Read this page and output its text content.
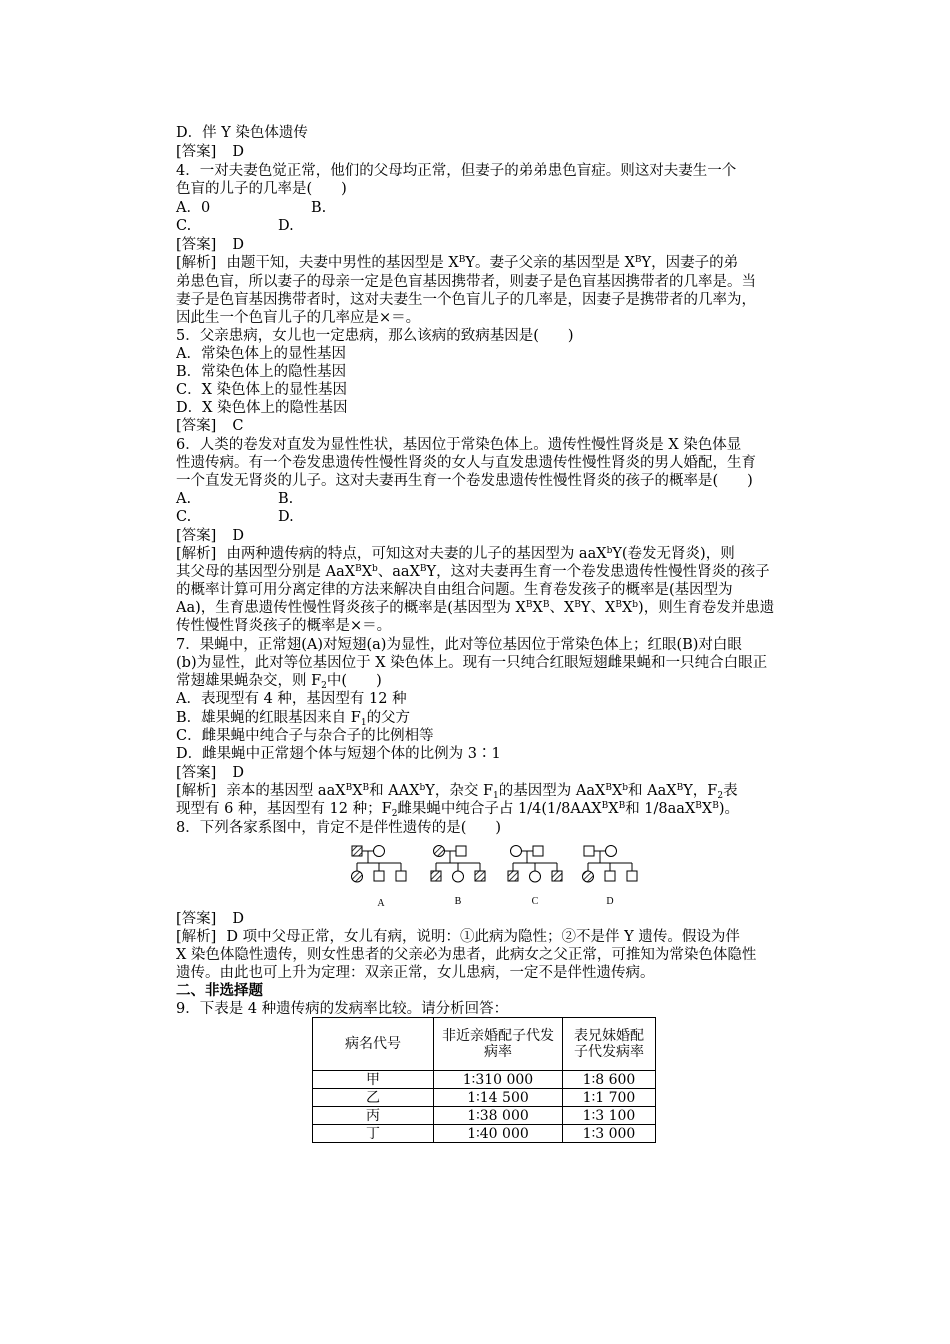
D．伴 Y 染色体遗传
[答案] D
4．一对夫妻色觉正常，他们的父母均正常，但妻子的弟弟患色盲症。则这对夫妻生一个
色盲的儿子的几率是(　　)
A．0	B.
C.	D.
[答案] D
[解析] 由题干知，夫妻中男性的基因型是 $X^BY$。妻子父亲的基因型是 $X^BY$，因妻子的弟
弟患色盲，所以妻子的母亲一定是色盲基因携带者，则妻子是色盲基因携带者的几率是。当
妻子是色盲基因携带者时，这对夫妻生一个色盲儿子的几率是，因妻子是携带者的几率为，
因此生一个色盲儿子的几率应是×＝。
5．父亲患病，女儿也一定患病，那么该病的致病基因是(　　)
A．常染色体上的显性基因
B．常染色体上的隐性基因
C．X 染色体上的显性基因
D．X 染色体上的隐性基因
[答案] C
6．人类的卷发对直发为显性性状，基因位于常染色体上。遗传性慢性肾炎是 X 染色体显
性遗传病。有一个卷发患遗传性慢性肾炎的女人与直发患遗传性慢性肾炎的男人婚配，生育
一个直发无肾炎的儿子。这对夫妻再生育一个卷发患遗传性慢性肾炎的孩子的概率是(　　)
A.	B.
C.	D.
[答案] D
[解析] 由两种遗传病的特点，可知这对夫妻的儿子的基因型为 aaX$^b$Y(卷发无肾炎)，则
其父母的基因型分别是 $AaX^BX^b$、aaX$^B$Y，这对夫妻再生育一个卷发患遗传性慢性肾炎的孩子
的概率计算可用分离定律的方法来解决自由组合问题。生育卷发孩子的概率是(基因型为
Aa)，生育患遗传性慢性肾炎孩子的概率是(基因型为 $X^BX^B$、$X^BY$、$X^BX^b$)，则生育卷发并患遗
传性慢性肾炎孩子的概率是×＝。
7．果蝇中，正常翅(A)对短翅(a)为显性，此对等位基因位于常染色体上；红眼(B)对白眼
(b)为显性，此对等位基因位于 X 染色体上。现有一只纯合红眼短翅雌果蝇和一只纯合白眼正
常翅雄果蝇杂交，则 $F_2$中(　　)
A．表现型有 4 种，基因型有 12 种
B．雄果蝇的红眼基因来自 $F_1$的父方
C．雌果蝇中纯合子与杂合子的比例相等
D．雌果蝇中正常翅个体与短翅个体的比例为 3∶1
[答案] D
[解析] 亲本的基因型 $aaX^BX^B$和 AAX$^b$Y，杂交 $F_1$的基因型为 $AaX^BX^b$和 AaX$^B$Y，$F_2$表
现型有 6 种，基因型有 12 种；$F_2$雌果蝇中纯合子占 $1/4(1/8AAX^BX^B$和 $1/8aaX^BX^B$)。
8．下列各家系图中，肯定不是伴性遗传的是(　　)
A	B	C	D
[答案] D
[解析] D 项中父母正常，女儿有病，说明：①此病为隐性；②不是伴 Y 遗传。假设为伴
X 染色体隐性遗传，则女性患者的父亲必为患者，此病女之父正常，可推知为常染色体隐性
遗传。由此也可上升为定理：双亲正常，女儿患病，一定不是伴性遗传病。
二、非选择题
9．下表是 4 种遗传病的发病率比较。请分析回答：
病名代号	非近亲婚配子代发病率	表兄妹婚配子代发病率
甲	1∶310 000	1∶8 600
乙	1∶14 500	1∶1 700
丙	1∶38 000	1∶3 100
丁	1∶40 000	1∶3 000
